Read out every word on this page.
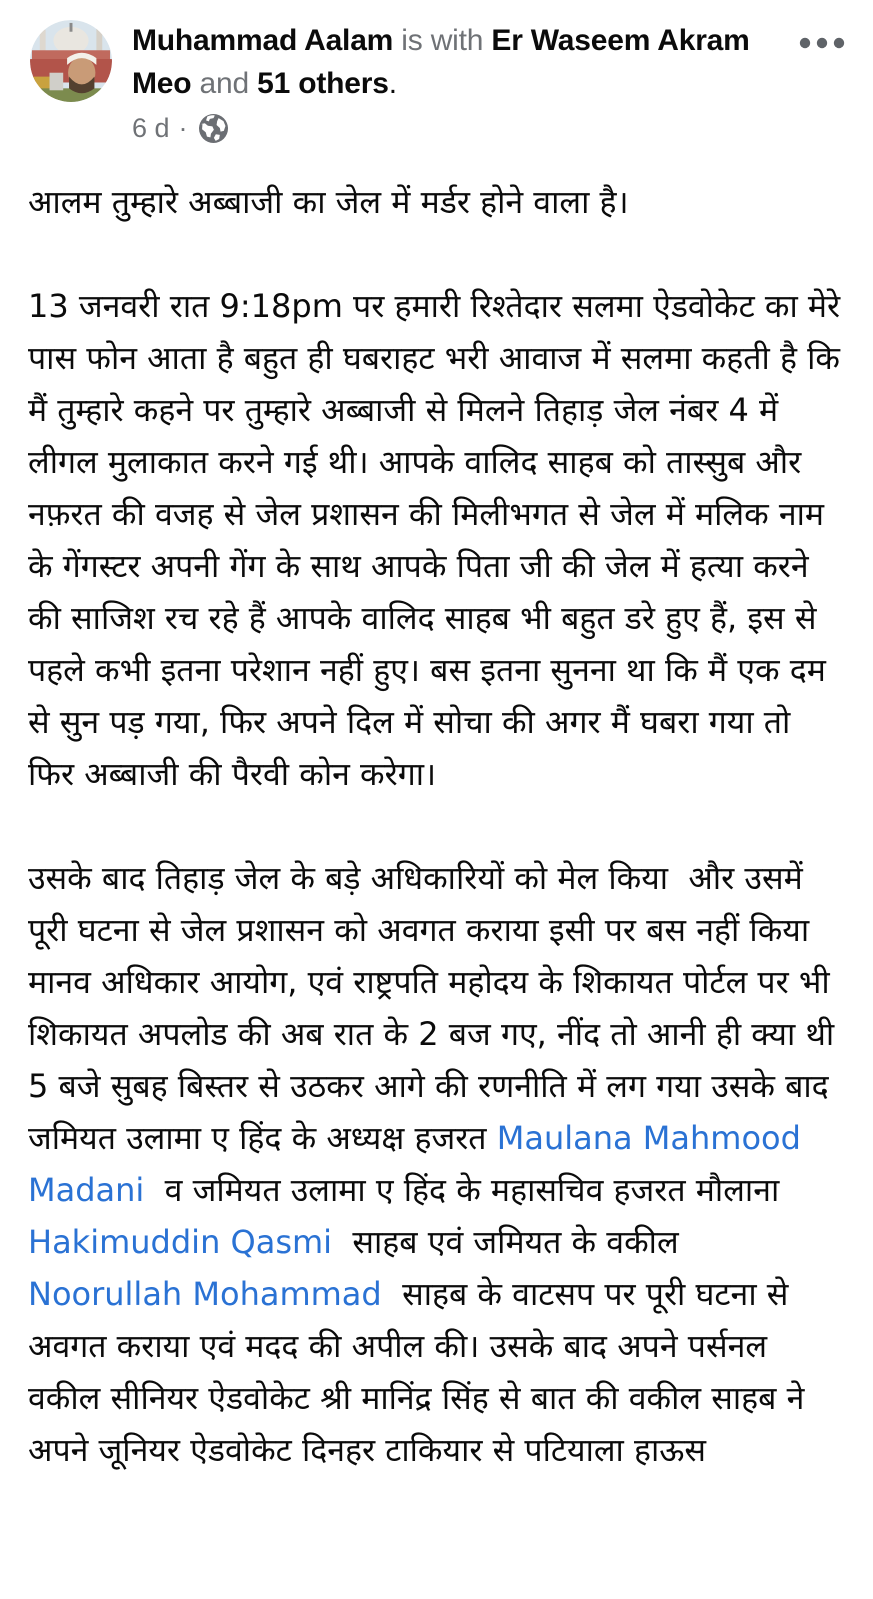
Muhammad Aalam is with Er Waseem Akram Meo and 51 others.
6 d ·

आलम तुम्हारे अब्बाजी का जेल में मर्डर होने वाला है।

13 जनवरी रात 9:18pm पर हमारी रिश्तेदार सलमा ऐडवोकेट का मेरे पास फोन आता है बहुत ही घबराहट भरी आवाज में सलमा कहती है कि मैं तुम्हारे कहने पर तुम्हारे अब्बाजी से मिलने तिहाड़ जेल नंबर 4 में लीगल मुलाकात करने गई थी। आपके वालिद साहब को तास्सुब और नफ़रत की वजह से जेल प्रशासन की मिलीभगत से जेल में मलिक नाम के गेंगस्टर अपनी गेंग के साथ आपके पिता जी की जेल में हत्या करने की साजिश रच रहे हैं आपके वालिद साहब भी बहुत डरे हुए हैं, इस से पहले कभी इतना परेशान नहीं हुए। बस इतना सुनना था कि मैं एक दम से सुन पड़ गया, फिर अपने दिल में सोचा की अगर मैं घबरा गया तो फिर अब्बाजी की पैरवी कोन करेगा।

उसके बाद तिहाड़ जेल के बड़े अधिकारियों को मेल किया  और उसमें पूरी घटना से जेल प्रशासन को अवगत कराया इसी पर बस नहीं किया मानव अधिकार आयोग, एवं राष्ट्रपति महोदय के शिकायत पोर्टल पर भी शिकायत अपलोड की अब रात के 2 बज गए, नींद तो आनी ही क्या थी 5 बजे सुबह बिस्तर से उठकर आगे की रणनीति में लग गया उसके बाद जमियत उलामा ए हिंद के अध्यक्ष हजरत Maulana Mahmood Madani  व जमियत उलामा ए हिंद के महासचिव हजरत मौलाना Hakimuddin Qasmi  साहब एवं जमियत के वकील  Noorullah Mohammad  साहब के वाटसप पर पूरी घटना से अवगत कराया एवं मदद की अपील की। उसके बाद अपने पर्सनल वकील सीनियर ऐडवोकेट श्री मानिंद्र सिंह से बात की वकील साहब ने अपने जूनियर ऐडवोकेट दिनहर टाकियार से पटियाला हाऊस
